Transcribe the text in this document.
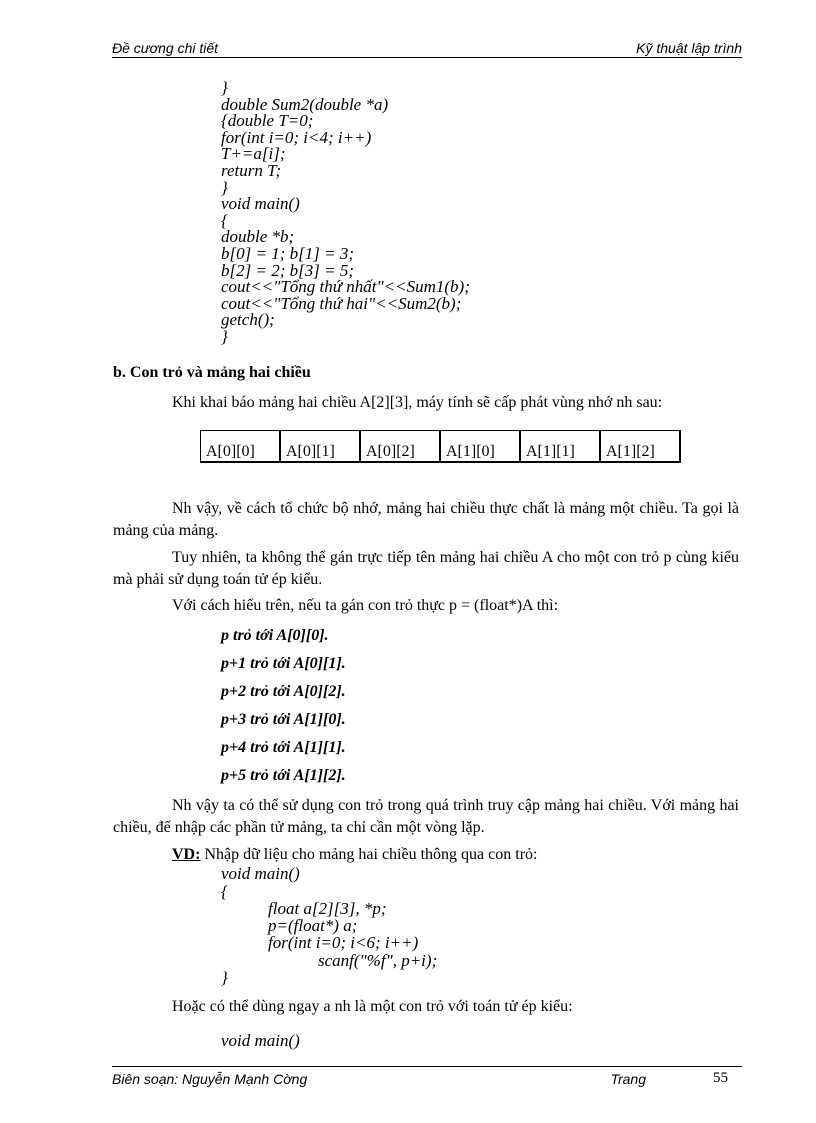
Đề cương chi tiết	Kỹ thuật lập trình
}
double Sum2(double *a)
{double T=0;
for(int i=0; i<4; i++)
T+=a[i];
return T;
}
void main()
{
double *b;
b[0] = 1; b[1] = 3;
b[2] = 2; b[3] = 5;
cout<<"Tổng thứ nhất"<<Sum1(b);
cout<<"Tổng thứ hai"<<Sum2(b);
getch();
}
b. Con trỏ và mảng hai chiều
Khi khai báo mảng hai chiều A[2][3], máy tính sẽ cấp phát vùng nhớ nh sau:
A[0][0]	A[0][1]	A[0][2]	A[1][0]	A[1][1]	A[1][2]
Nh vậy, về cách tổ chức bộ nhớ, mảng hai chiều thực chất là mảng một chiều. Ta gọi là mảng của mảng.
Tuy nhiên, ta không thể gán trực tiếp tên mảng hai chiều A cho một con trỏ p cùng kiểu mà phải sử dụng toán tử ép kiểu.
Với cách hiểu trên, nếu ta gán con trỏ thực p = (float*)A thì:
p trỏ tới A[0][0].
p+1 trỏ tới A[0][1].
p+2 trỏ tới A[0][2].
p+3 trỏ tới A[1][0].
p+4 trỏ tới A[1][1].
p+5 trỏ tới A[1][2].
Nh vậy ta có thể sử dụng con trỏ trong quá trình truy cập mảng hai chiều. Với mảng hai chiều, để nhập các phần tử mảng, ta chỉ cần một vòng lặp.
VD: Nhập dữ liệu cho mảng hai chiều thông qua con trỏ:
void main()
{
float a[2][3], *p;
p=(float*) a;
for(int i=0; i<6; i++)
scanf("%f", p+i);
}
Hoặc có thể dùng ngay a nh là một con trỏ với toán tử ép kiểu:
void main()
Biên soạn: Nguyễn Mạnh Cờng	Trang	55
